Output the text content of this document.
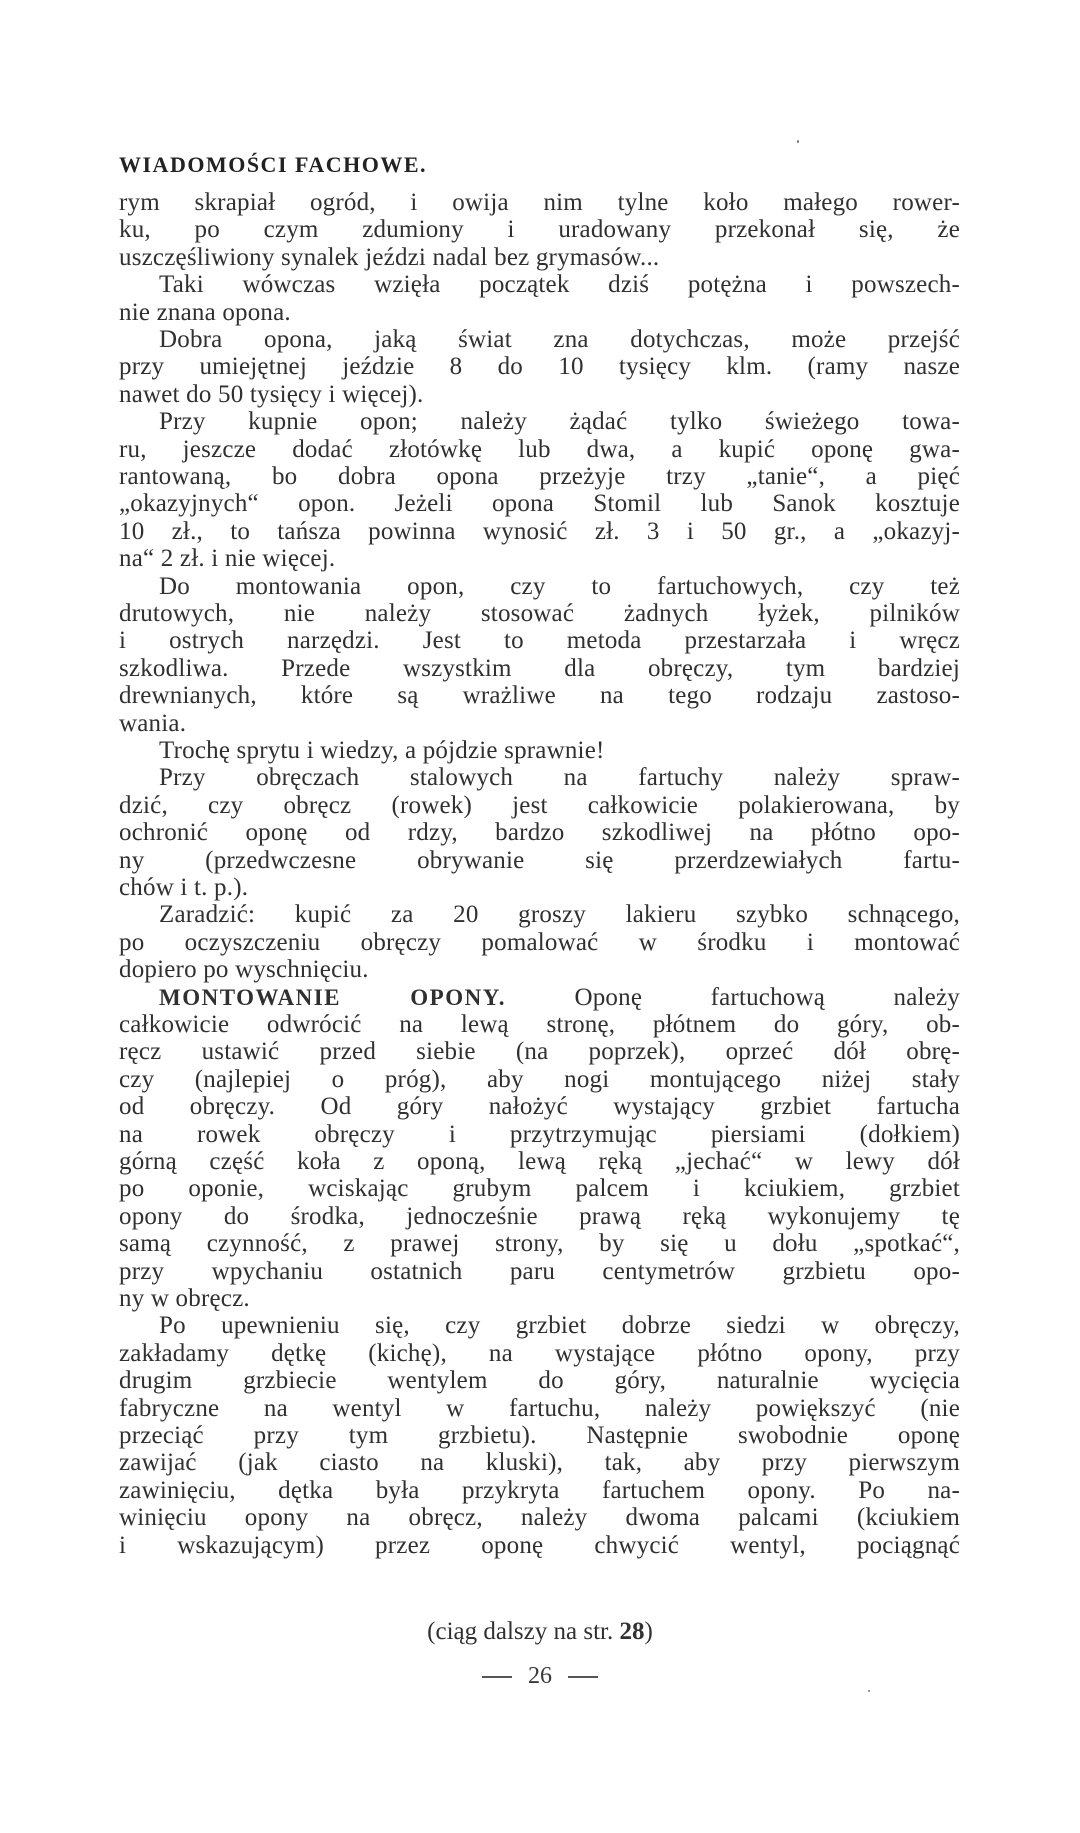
WIADOMOŚCI FACHOWE.
rym skrapiał ogród, i owija nim tylne koło małego rower-
ku, po czym zdumiony i uradowany przekonał się, że
uszczęśliwiony synalek jeździ nadal bez grymasów...
Taki wówczas wzięła początek dziś potężna i powszech-
nie znana opona.
Dobra opona, jaką świat zna dotychczas, może przejść
przy umiejętnej jeździe 8 do 10 tysięcy klm. (ramy nasze
nawet do 50 tysięcy i więcej).
Przy kupnie opon; należy żądać tylko świeżego towa-
ru, jeszcze dodać złotówkę lub dwa, a kupić oponę gwa-
rantowaną, bo dobra opona przeżyje trzy „tanie“, a pięć
„okazyjnych“ opon. Jeżeli opona Stomil lub Sanok kosztuje
10 zł., to tańsza powinna wynosić zł. 3 i 50 gr., a „okazyj-
na“ 2 zł. i nie więcej.
Do montowania opon, czy to fartuchowych, czy też
drutowych, nie należy stosować żadnych łyżek, pilników
i ostrych narzędzi. Jest to metoda przestarzała i wręcz
szkodliwa. Przede wszystkim dla obręczy, tym bardziej
drewnianych, które są wrażliwe na tego rodzaju zastoso-
wania.
Trochę sprytu i wiedzy, a pójdzie sprawnie!
Przy obręczach stalowych na fartuchy należy spraw-
dzić, czy obręcz (rowek) jest całkowicie polakierowana, by
ochronić oponę od rdzy, bardzo szkodliwej na płótno opo-
ny (przedwczesne obrywanie się przerdzewiałych fartu-
chów i t. p.).
Zaradzić: kupić za 20 groszy lakieru szybko schnącego,
po oczyszczeniu obręczy pomalować w środku i montować
dopiero po wyschnięciu.
MONTOWANIE OPONY.	Oponę fartuchową należy
całkowicie odwrócić na lewą stronę, płótnem do góry, ob-
ręcz ustawić przed siebie (na poprzek), oprzeć dół obrę-
czy (najlepiej o próg), aby nogi montującego niżej stały
od obręczy. Od góry nałożyć wystający grzbiet fartucha
na rowek obręczy i przytrzymując piersiami (dołkiem)
górną część koła z oponą, lewą ręką „jechać“ w lewy dół
po oponie, wciskając grubym palcem i kciukiem, grzbiet
opony do środka, jednocześnie prawą ręką wykonujemy tę
samą czynność, z prawej strony, by się u dołu „spotkać“,
przy wpychaniu ostatnich paru centymetrów grzbietu opo-
ny w obręcz.
Po upewnieniu się, czy grzbiet dobrze siedzi w obręczy,
zakładamy dętkę (kichę), na wystające płótno opony, przy
drugim grzbiecie wentylem do góry, naturalnie wycięcia
fabryczne na wentyl w fartuchu, należy powiększyć (nie
przeciąć przy tym grzbietu). Następnie swobodnie oponę
zawijać (jak ciasto na kluski), tak, aby przy pierwszym
zawinięciu, dętka była przykryta fartuchem opony. Po na-
winięciu opony na obręcz, należy dwoma palcami (kciukiem
i wskazującym) przez oponę chwycić wentyl, pociągnąć
(ciąg dalszy na str. 28)
26
